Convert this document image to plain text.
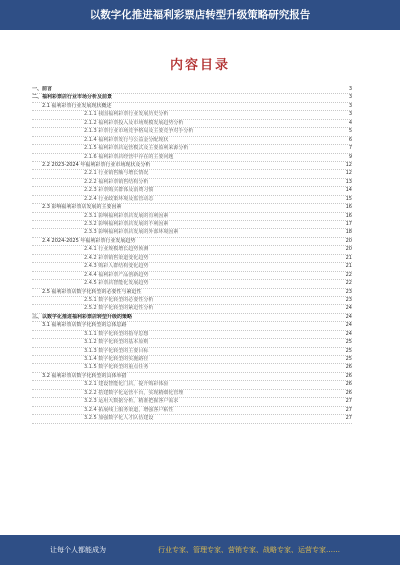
以数字化推进福利彩票店转型升级策略研究报告
内容目录
一、前言	3
二、福利彩票店行业市场分析及前景	3
2.1 福利彩票行业发展现状概述	3
2.1.1 我国福利彩票行业发展历史分析	3
2.1.2 福利彩票投入及市场规模发展趋势分析	4
2.1.3 彩票行业市场竞争格局及主要竞争对手分析	5
2.1.4 福利彩票发行与公益金分配现状	6
2.1.5 福利彩票店运营模式及主要盈利来源分析	7
2.1.6 福利彩票店经营中存在的主要问题	9
2.2 2023-2024 年福利彩票行业市场现状及分析	12
2.2.1 行业销售额与增长情况	12
2.2.2 福利彩票销售结构分析	13
2.2.3 彩票购买群体及消费习惯	14
2.2.4 行业政策环境及监管动态	15
2.3 影响福利彩票店发展的主要因素	16
2.3.1 影响福利彩票店发展的有利因素	16
2.3.2 影响福利彩票店发展的不利因素	17
2.3.3 影响福利彩票店发展的外部环境因素	18
2.4 2024-2025 年福利彩票行业发展趋势	20
2.4.1 行业规模增长趋势预测	20
2.4.2 彩票销售渠道变化趋势	21
2.4.3 购彩人群结构变化趋势	21
2.4.4 福利彩票产品创新趋势	22
2.4.5 彩票店智能化发展趋势	22
2.5 福利彩票店数字化转型的必要性与紧迫性	23
2.5.1 数字化转型的必要性分析	23
2.5.2 数字化转型的紧迫性分析	24
三、以数字化推进福利彩票店转型升级的策略	24
3.1 福利彩票店数字化转型的总体思路	24
3.1.1 数字化转型的指导思想	24
3.1.2 数字化转型的基本原则	25
3.1.3 数字化转型的主要目标	25
3.1.4 数字化转型的实施路径	25
3.1.5 数字化转型的重点任务	26
3.2 福利彩票店数字化转型的具体举措	26
3.2.1 建设智能化门店，提升购彩体验	26
3.2.2 搭建数字化运营平台，实现精细化管理	26
3.2.3 运用大数据分析，精准把握客户需求	27
3.2.4 拓展线上服务渠道，增强客户粘性	27
3.2.5 加强数字化人才队伍建设	27
让每个人都能成为	行业专家、管理专家、营销专家、战略专家、运营专家……
